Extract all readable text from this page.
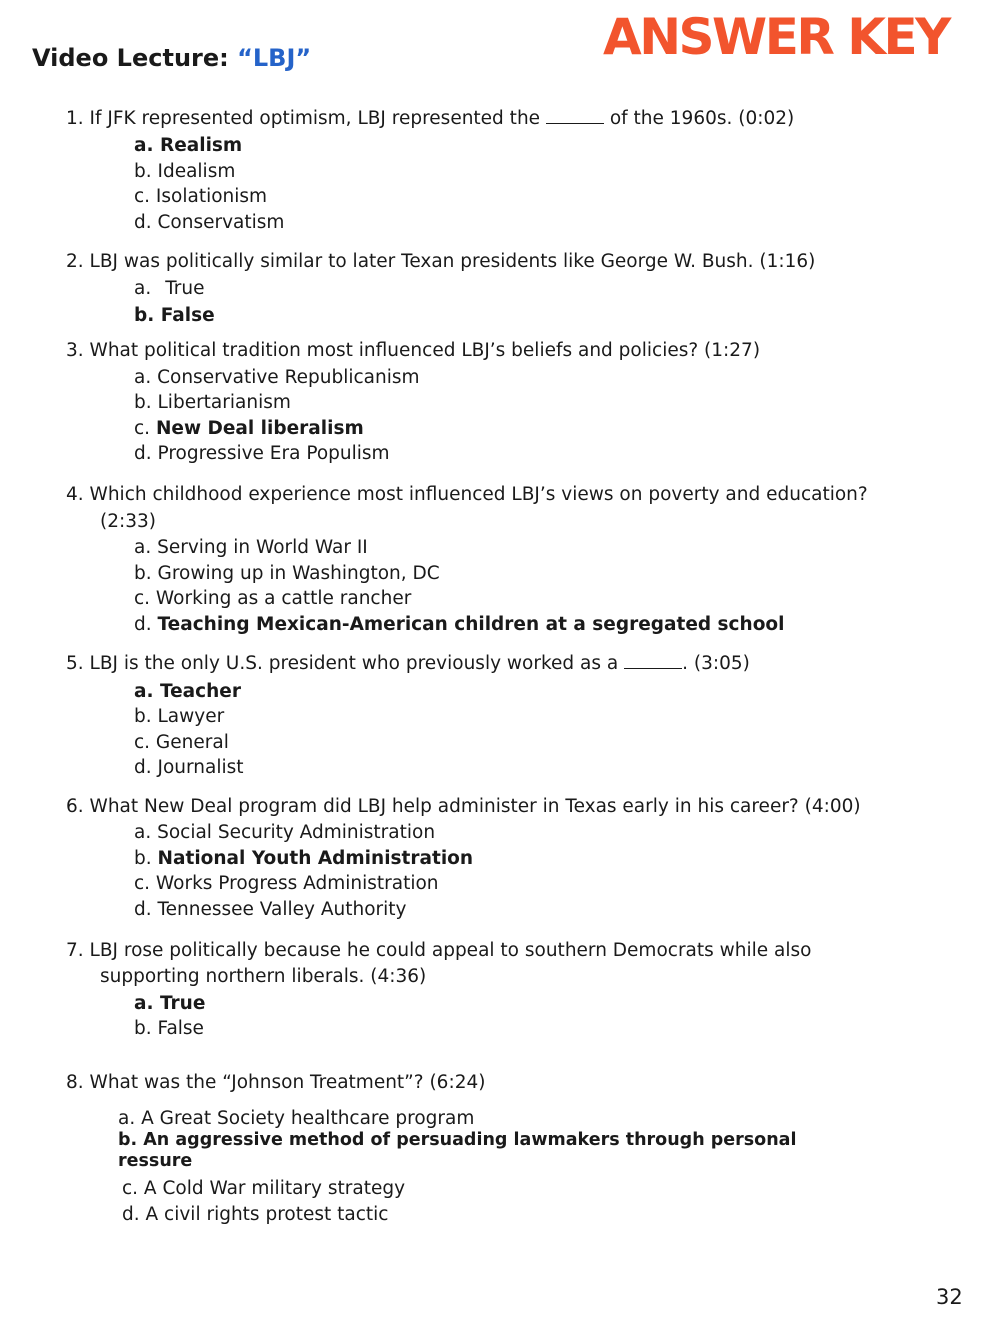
Video Lecture: “LBJ”	ANSWER KEY
1. If JFK represented optimism, LBJ represented the	of the 1960s. (0:02)
a. Realism
b. Idealism
c. Isolationism
d. Conservatism
2. LBJ was politically similar to later Texan presidents like George W. Bush. (1:16)
a. True
b. False
3. What political tradition most influenced LBJ’s beliefs and policies? (1:27)
a. Conservative Republicanism
b. Libertarianism
c. New Deal liberalism
d. Progressive Era Populism
4. Which childhood experience most influenced LBJ’s views on poverty and education?
(2:33)
a. Serving in World War II
b. Growing up in Washington, DC
c. Working as a cattle rancher
d. Teaching Mexican-American children at a segregated school
5. LBJ is the only U.S. president who previously worked as a	. (3:05)
a. Teacher
b. Lawyer
c. General
d. Journalist
6. What New Deal program did LBJ help administer in Texas early in his career? (4:00)
a. Social Security Administration
b. National Youth Administration
c. Works Progress Administration
d. Tennessee Valley Authority
7. LBJ rose politically because he could appeal to southern Democrats while also
supporting northern liberals. (4:36)
a. True
b. False
8. What was the “Johnson Treatment”? (6:24)
a. A Great Society healthcare program
b. An aggressive method of persuading lawmakers through personal
ressure
c. A Cold War military strategy
d. A civil rights protest tactic
32
